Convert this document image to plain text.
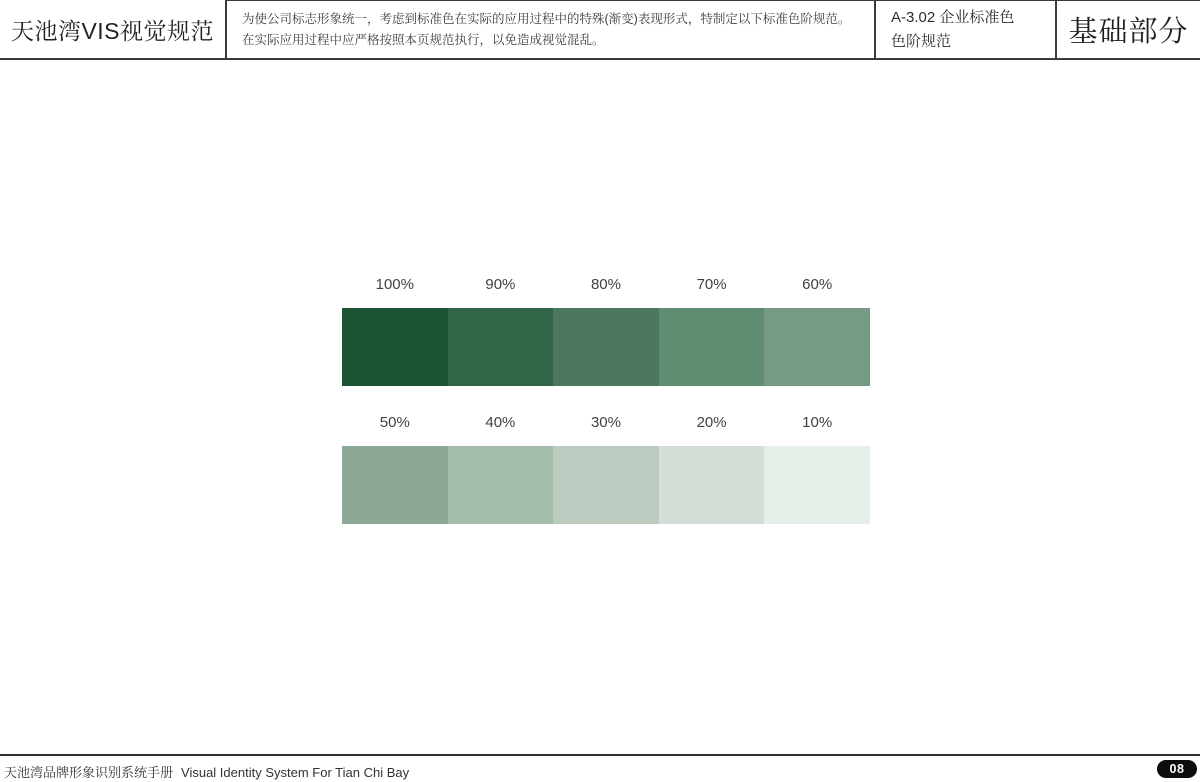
天池湾VIS视觉规范 为使公司标志形象统一，考虑到标准色在实际的应用过程中的特殊(渐变)表现形式，特制定以下标准色阶规范。在实际应用过程中应严格按照本页规范执行，以免造成视觉混乱。

A-3.02 企业标准色
色阶规范	基础部分
100%	90%	80%	70%	60%
50%	40%	30%	20%	10%
天池湾品牌形象识别系统手册 Visual Identity System For Tian Chi Bay	08
